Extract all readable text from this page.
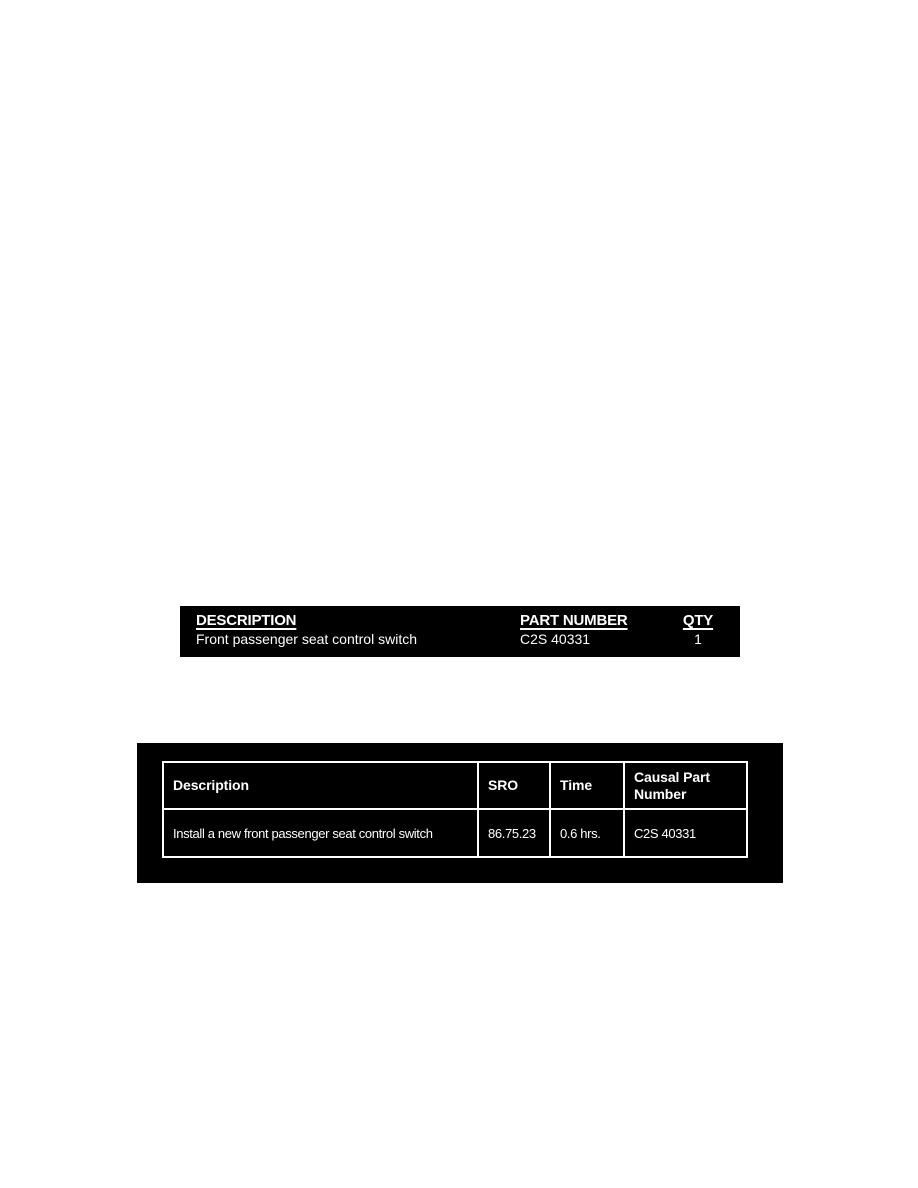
DESCRIPTION	PART NUMBER	QTY
Front passenger seat control switch	C2S 40331	1
Description	SRO	Time	Causal Part Number
Install a new front passenger seat control switch	86.75.23	0.6 hrs.	C2S 40331
